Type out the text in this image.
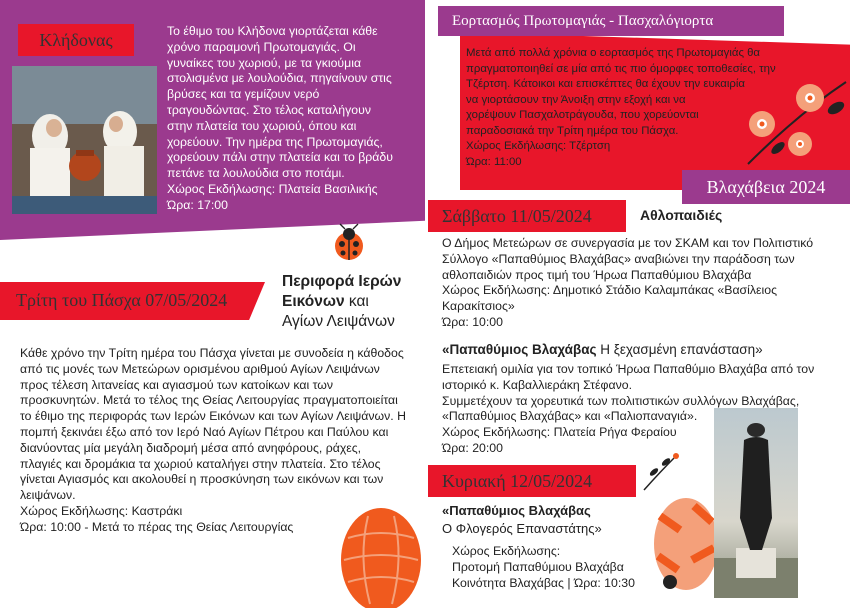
Κλήδονας	Το έθιμο του Κλήδονα γιορτάζεται κάθε
χρόνο παραμονή Πρωτομαγιάς. Οι
γυναίκες του χωριού, με τα γκιούμια
στολισμένα με λουλούδια, πηγαίνουν στις
βρύσες και τα γεμίζουν νερό
τραγουδώντας. Στο τέλος καταλήγουν
στην πλατεία του χωριού, όπου και
χορεύουν. Την ημέρα της Πρωτομαγιάς,
χορεύουν πάλι στην πλατεία και το βράδυ
πετάνε τα λουλούδια στο ποτάμι.
Χώρος Εκδήλωσης: Πλατεία Βασιλικής
Ώρα: 17:00
Εορτασμός Πρωτομαγιάς - Πασχαλόγιορτα
Μετά από πολλά χρόνια ο εορτασμός της Πρωτομαγιάς θα
πραγματοποιηθεί σε μία από τις πιο όμορφες τοποθεσίες, την
Τζέρτση. Κάτοικοι και επισκέπτες θα έχουν την ευκαιρία
να γιορτάσουν την Άνοιξη στην εξοχή και να
χορέψουν Πασχαλοτράγουδα, που χορεύονται
παραδοσιακά την Τρίτη ημέρα του Πάσχα.
Χώρος Εκδήλωσης: Τζέρτση
Ώρα: 11:00
Βλαχάβεια 2024
Σάββατο 11/05/2024	Αθλοπαιδιές
Ο Δήμος Μετεώρων σε συνεργασία με τον ΣΚΑΜ και τον Πολιτιστικό
Σύλλογο «Παπαθύμιος Βλαχάβας» αναβιώνει την παράδοση των
αθλοπαιδιών προς τιμή του Ήρωα Παπαθύμιου Βλαχάβα
Χώρος Εκδήλωσης: Δημοτικό Στάδιο Καλαμπάκας «Βασίλειος
Καρακίτσιος»
Ώρα: 10:00
«Παπαθύμιος Βλαχάβας Η ξεχασμένη επανάσταση»
Επετειακή ομιλία για τον τοπικό Ήρωα Παπαθύμιο Βλαχάβα από τον
ιστορικό κ. Καβαλλιεράκη Στέφανο.
Συμμετέχουν τα χορευτικά των πολιτιστικών συλλόγων Βλαχάβας,
«Παπαθύμιος Βλαχάβας» και «Παλιοπαναγιά».
Χώρος Εκδήλωσης: Πλατεία Ρήγα Φεραίου
Ώρα: 20:00
Κυριακή 12/05/2024
«Παπαθύμιος Βλαχάβας
Ο Φλογερός Επαναστάτης»
Χώρος Εκδήλωσης:
Προτομή Παπαθύμιου Βλαχάβα
Κοινότητα Βλαχάβας | Ώρα: 10:30
Τρίτη του Πάσχα 07/05/2024
Περιφορά Ιερών
Εικόνων και
Αγίων Λειψάνων
Κάθε χρόνο την Τρίτη ημέρα του Πάσχα γίνεται με συνοδεία η κάθοδος
από τις μονές των Μετεώρων ορισμένου αριθμού Αγίων Λειψάνων
προς τέλεση λιτανείας και αγιασμού των κατοίκων και των
προσκυνητών. Μετά το τέλος της Θείας Λειτουργίας πραγματοποιείται
το έθιμο της περιφοράς των Ιερών Εικόνων και των Αγίων Λειψάνων. Η
πομπή ξεκινάει έξω από τον Ιερό Ναό Αγίων Πέτρου και Παύλου και
διανύοντας μία μεγάλη διαδρομή μέσα από ανηφόρους, ράχες,
πλαγιές και δρομάκια τα χωριού καταλήγει στην πλατεία. Στο τέλος
γίνεται Αγιασμός και ακολουθεί η προσκύνηση των εικόνων και των
λειψάνων.
Χώρος Εκδήλωσης: Καστράκι
Ώρα: 10:00 - Μετά το πέρας της Θείας Λειτουργίας
